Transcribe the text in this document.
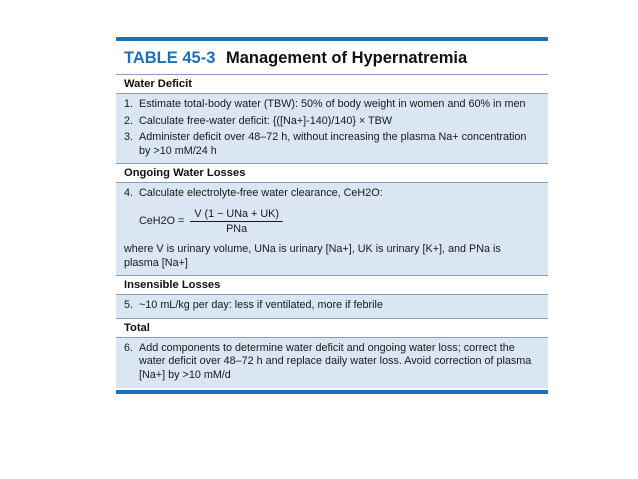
TABLE 45-3 Management of Hypernatremia
Water Deficit
1. Estimate total-body water (TBW): 50% of body weight in women and 60% in men
2. Calculate free-water deficit: {([Na+]-140)/140} × TBW
3. Administer deficit over 48–72 h, without increasing the plasma Na+ concentration by >10 mM/24 h
Ongoing Water Losses
4. Calculate electrolyte-free water clearance, CeH2O:
$CeH2O = \frac{\text{V (1 − UNa + UK)}}{\text{PNa}}$
where V is urinary volume, UNa is urinary [Na+], UK is urinary [K+], and PNa is plasma [Na+]
Insensible Losses
5. ~10 mL/kg per day: less if ventilated, more if febrile
Total
6. Add components to determine water deficit and ongoing water loss; correct the water deficit over 48–72 h and replace daily water loss. Avoid correction of plasma [Na+] by >10 mM/d
